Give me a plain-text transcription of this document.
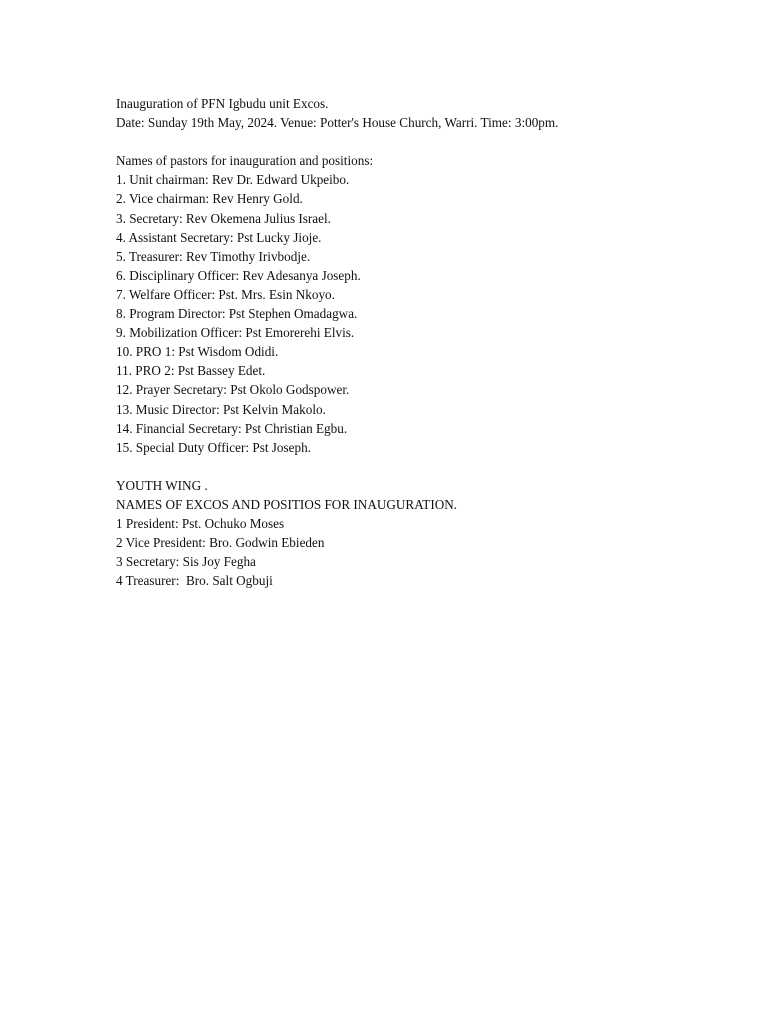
Inauguration of PFN Igbudu unit Excos.
Date: Sunday 19th May, 2024. Venue: Potter's House Church, Warri. Time: 3:00pm.
Names of pastors for inauguration and positions:
1. Unit chairman: Rev Dr. Edward Ukpeibo.
2. Vice chairman: Rev Henry Gold.
3. Secretary: Rev Okemena Julius Israel.
4. Assistant Secretary: Pst Lucky Jioje.
5. Treasurer: Rev Timothy Irivbodje.
6. Disciplinary Officer: Rev Adesanya Joseph.
7. Welfare Officer: Pst. Mrs. Esin Nkoyo.
8. Program Director: Pst Stephen Omadagwa.
9. Mobilization Officer: Pst Emorerehi Elvis.
10. PRO 1: Pst Wisdom Odidi.
11. PRO 2: Pst Bassey Edet.
12. Prayer Secretary: Pst Okolo Godspower.
13. Music Director: Pst Kelvin Makolo.
14. Financial Secretary: Pst Christian Egbu.
15. Special Duty Officer: Pst Joseph.
YOUTH WING .
NAMES OF EXCOS AND POSITIOS FOR INAUGURATION.
1 President: Pst. Ochuko Moses
2 Vice President: Bro. Godwin Ebieden
3 Secretary: Sis Joy Fegha
4 Treasurer:  Bro. Salt Ogbuji
